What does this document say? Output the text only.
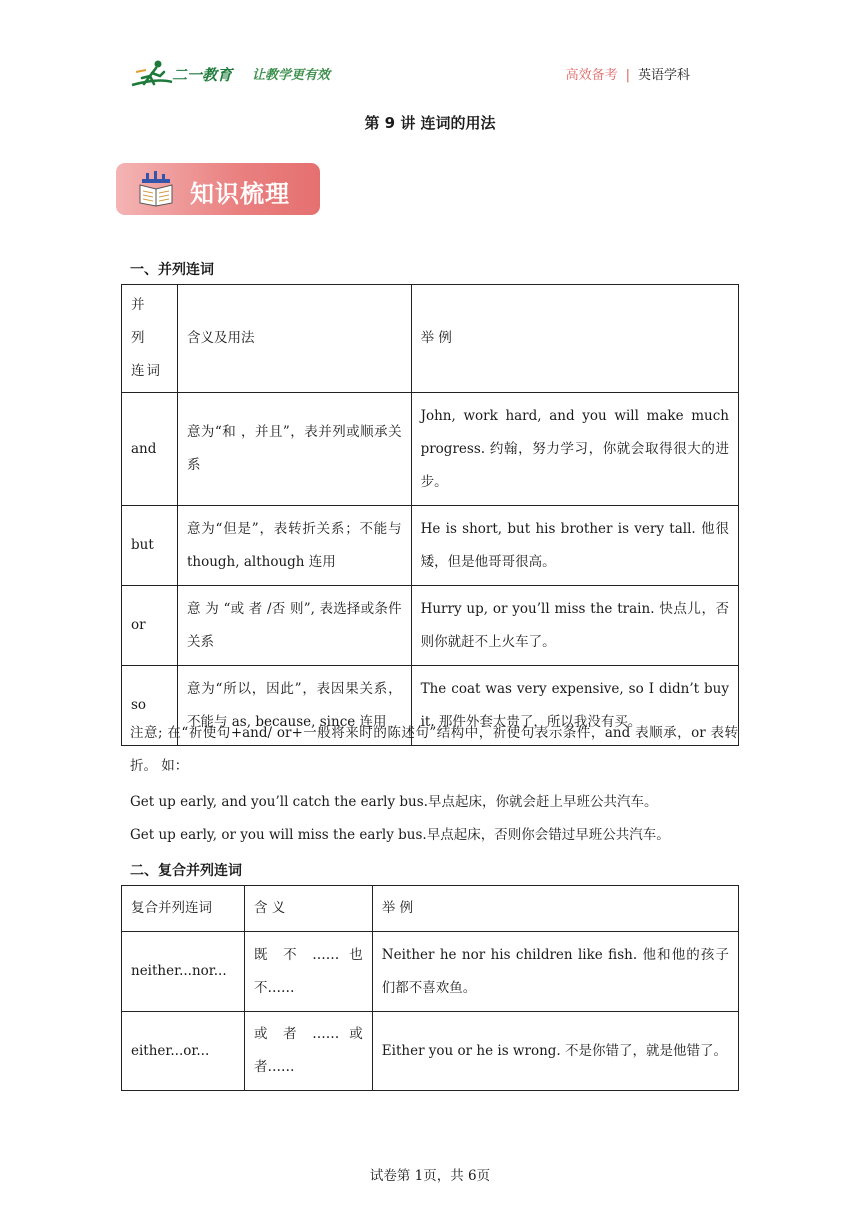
二一教育 让教学更有效	高效备考 | 英语学科
第 9 讲 连词的用法
知识梳理
一、并列连词
并 列 连词	含义及用法	举 例
and	意为“和 ，并且”，表并列或顺承关系	John, work hard, and you will make much progress. 约翰，努力学习，你就会取得很大的进步。
but	意为“但是”，表转折关系；不能与 though, although 连用	He is short, but his brother is very tall. 他很矮，但是他哥哥很高。
or	意 为 “或 者 /否 则”, 表选择或条件关系	Hurry up, or you’ll miss the train. 快点儿，否则你就赶不上火车了。
so	意为“所以，因此”，表因果关系，不能与 as, because, since 连用	The coat was very expensive, so I didn’t buy it. 那件外套太贵了，所以我没有买。
注意; 在“祈使句+and/ or+一般将来时的陈述句”结构中，祈使句表示条件，and 表顺承，or 表转折。 如：
Get up early, and you’ll catch the early bus.早点起床，你就会赶上早班公共汽车。
Get up early, or you will miss the early bus.早点起床，否则你会错过早班公共汽车。
二、复合并列连词
复合并列连词	含 义	举 例
neither...nor...	既 不 …… 也 不……	Neither he nor his children like fish. 他和他的孩子们都不喜欢鱼。
either...or...	或 者 …… 或 者……	Either you or he is wrong. 不是你错了，就是他错了。
试卷第 1页，共 6页
